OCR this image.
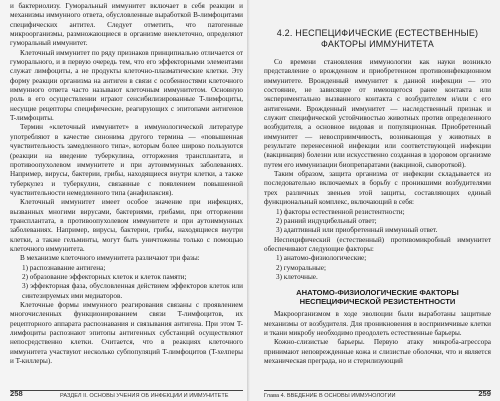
и бактериолизу. Гуморальный иммунитет включает в себя реакции и механизмы иммунного ответа, обусловленные выработкой В-лимфоцитами специфических антител. Следует отметить, что патогенные микроорганизмы, размножающиеся в организме внеклеточно, определяют гуморальный иммунитет.

Клеточный иммунитет по ряду признаков принципиально отличается от гуморального, и в первую очередь тем, что его эффекторными элементами служат лимфоциты, а не продукты клеточно-плазматические клетки. Эту форму реакции организма на антиген в связи с особенностями клеточного иммунного ответа часто называют клеточным иммунитетом. Основную роль в его осуществлении играют сенсибилизированные T-лимфоциты, несущие рецепторы специфические, реагирующих с эпитопами антигенов T-лимфоциты.

Термин «клеточный иммунитет» в иммунологической литературе употребляют в качестве синонима другого термина — «повышенная чувствительность замедленного типа», которым более широко пользуются (реакции на введение туберкулина, отторжения трансплантата, и противоопухолевом иммунитете и при аутоиммунных заболеваниях. Например, вирусы, бактерии, грибы, находящиеся внутри клетки, а также туберкулез и туберкулин, связанные с появлением повышенной чувствительности немедленного типа (анафилаксия).

Клеточный иммунитет имеет особое значение при инфекциях, вызванных многими вирусами, бактериями, грибами, при отторжении трансплантата, в противоопухолевом иммунитете и при аутоиммунных заболеваниях. Например, вирусы, бактерии, грибы, находящиеся внутри клетки, а также гельминты, могут быть уничтожены только с помощью клеточного иммунитета.

В механизме клеточного иммунитета различают три фазы:

1) распознавание антигена;

2) образование эффекторных клеток и клеток памяти;

3) эффекторная фаза, обусловленная действием эффекторов клеток или синтезируемых ими медиаторов.

Клеточные формы иммунного реагирования связаны с проявлением многочисленных функционированием связи T-лимфоцитов, их рецепторного аппарата распознавания и связывания антигена. При этом T-лимфоциты распознают эпитопы антигенных субстанций осуществляют непосредственно клетки. Считается, что в реакциях клеточного иммунитета участвуют несколько субпопуляций T-лимфоцитов (T-хелперы и T-киллеры).

258	РАЗДЕЛ II. ОСНОВЫ УЧЕНИЯ ОБ ИНФЕКЦИИ И ИММУНИТЕТЕ
4.2. НЕСПЕЦИФИЧЕСКИЕ (ЕСТЕСТВЕННЫЕ) ФАКТОРЫ ИММУНИТЕТА

Со времени становления иммунологии как науки возникло представление о врожденном и приобретенном противоинфекционном иммунитете. Врожденный иммунитет к данной инфекции — это состояние, не зависящее от имеющегося ранее контакта или экспериментально вызванного контакта с возбудителем и/или с его антигенами. Врожденный иммунитет — наследственный признак и служит специфической устойчивостью животных против определенного возбудителя, а основное видовая и популяционная. Приобретенный иммунитет — невосприимчивость, возникающая у животных в результате перенесенной инфекции или соответствующей инфекции (вакцинация) болезни или искусственно созданная в здоровом организме путем его иммунизации биопрепаратами (вакциной, сывороткой).

Таким образом, защита организма от инфекции складывается из последовательно включаемых в борьбу с проникшими возбудителями трех различных звеньев этой защиты, составляющих единый функциональный комплекс, включающий в себя:

1) факторы естественной резистентности;

2) ранний индуцибельный ответ;

3) адаптивный или приобретенный иммунный ответ.

Неспецифический (естественный) противомикробный иммунитет обеспечивают следующие факторы:

1) анатомо-физиологические;

2) гуморальные;

3) клеточные.

АНАТОМО-ФИЗИОЛОГИЧЕСКИЕ ФАКТОРЫ НЕСПЕЦИФИЧЕСКОЙ РЕЗИСТЕНТНОСТИ

Макроорганизмом в ходе эволюции были выработаны защитные механизмы от возбудителя. Для проникновения в восприимчивые клетки и ткани микробу необходимо преодолеть естественные барьеры.

Кожно-слизистые барьеры. Первую атаку микроба-агрессора принимают неповрежденные кожа и слизистые оболочки, что и является механическая преграда, но и стерилизующий

Глава 4. ВВЕДЕНИЕ В ОСНОВЫ ИММУНОЛОГИИ	259
